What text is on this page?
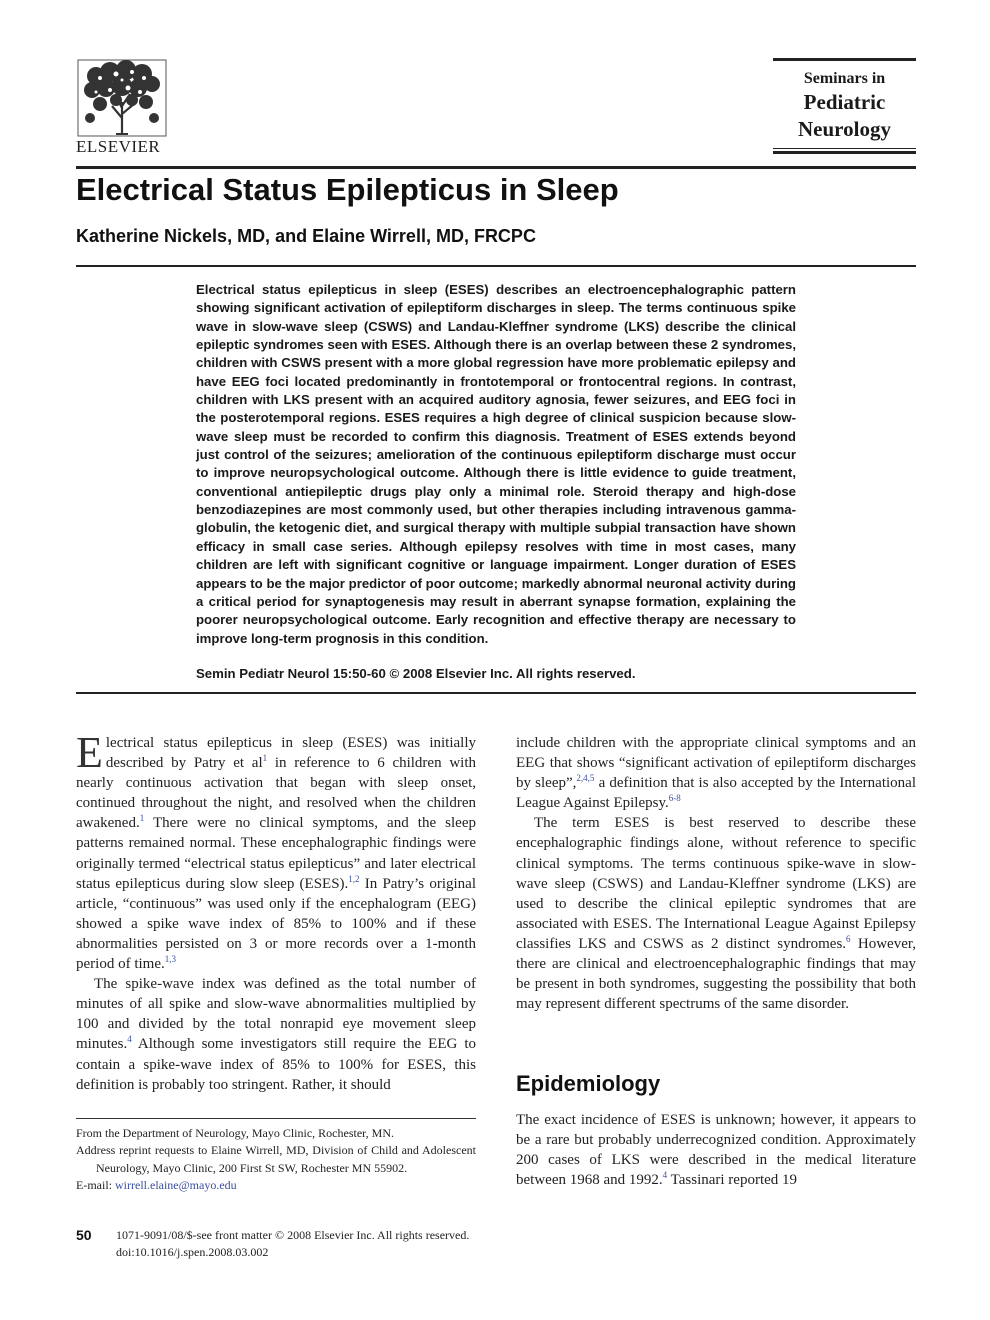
ELSEVIER
Seminars in
Pediatric
Neurology
Electrical Status Epilepticus in Sleep
Katherine Nickels, MD, and Elaine Wirrell, MD, FRCPC
Electrical status epilepticus in sleep (ESES) describes an electroencephalographic pattern showing significant activation of epileptiform discharges in sleep. The terms continuous spike wave in slow-wave sleep (CSWS) and Landau-Kleffner syndrome (LKS) describe the clinical epileptic syndromes seen with ESES. Although there is an overlap between these 2 syndromes, children with CSWS present with a more global regression have more problematic epilepsy and have EEG foci located predominantly in frontotemporal or frontocentral regions. In contrast, children with LKS present with an acquired auditory agnosia, fewer seizures, and EEG foci in the posterotemporal regions. ESES requires a high degree of clinical suspicion because slow-wave sleep must be recorded to confirm this diagnosis. Treatment of ESES extends beyond just control of the seizures; amelioration of the continuous epileptiform discharge must occur to improve neuropsychological outcome. Although there is little evidence to guide treatment, conventional antiepileptic drugs play only a minimal role. Steroid therapy and high-dose benzodiazepines are most commonly used, but other therapies including intravenous gamma-globulin, the ketogenic diet, and surgical therapy with multiple subpial transaction have shown efficacy in small case series. Although epilepsy resolves with time in most cases, many children are left with significant cognitive or language impairment. Longer duration of ESES appears to be the major predictor of poor outcome; markedly abnormal neuronal activity during a critical period for synaptogenesis may result in aberrant synapse formation, explaining the poorer neuropsychological outcome. Early recognition and effective therapy are necessary to improve long-term prognosis in this condition.
Semin Pediatr Neurol 15:50-60 © 2008 Elsevier Inc. All rights reserved.

Electrical status epilepticus in sleep (ESES) was initially described by Patry et $al^1$ in reference to 6 children with nearly continuous activation that began with sleep onset, continued throughout the night, and resolved when the children awakened.$^1$ There were no clinical symptoms, and the sleep patterns remained normal. These encephalographic findings were originally termed “electrical status epilepticus” and later electrical status epilepticus during slow sleep (ESES).$^{1,2}$ In Patry’s original article, “continuous” was used only if the encephalogram (EEG) showed a spike wave index of 85% to 100% and if these abnormalities persisted on 3 or more records over a 1-month period of time.$^{1,3}$

The spike-wave index was defined as the total number of minutes of all spike and slow-wave abnormalities multiplied by 100 and divided by the total nonrapid eye movement sleep minutes.$^4$ Although some investigators still require the EEG to contain a spike-wave index of 85% to 100% for ESES, this definition is probably too stringent. Rather, it should

include children with the appropriate clinical symptoms and an EEG that shows “significant activation of epileptiform discharges by sleep”,$^{2,4,5}$ a definition that is also accepted by the International League Against Epilepsy.$^{6-8}$

The term ESES is best reserved to describe these encephalographic findings alone, without reference to specific clinical symptoms. The terms continuous spike-wave in slow-wave sleep (CSWS) and Landau-Kleffner syndrome (LKS) are used to describe the clinical epileptic syndromes that are associated with ESES. The International League Against Epilepsy classifies LKS and CSWS as 2 distinct syndromes.$^6$ However, there are clinical and electroencephalographic findings that may be present in both syndromes, suggesting the possibility that both may represent different spectrums of the same disorder.

Epidemiology

The exact incidence of ESES is unknown; however, it appears to be a rare but probably underrecognized condition. Approximately 200 cases of LKS were described in the medical literature between 1968 and 1992.$^4$ Tassinari reported 19

From the Department of Neurology, Mayo Clinic, Rochester, MN.
Address reprint requests to Elaine Wirrell, MD, Division of Child and Adolescent Neurology, Mayo Clinic, 200 First St SW, Rochester MN 55902.
E-mail: wirrell.elaine@mayo.edu
50 1071-9091/08/$-see front matter © 2008 Elsevier Inc. All rights reserved.
doi:10.1016/j.spen.2008.03.002
